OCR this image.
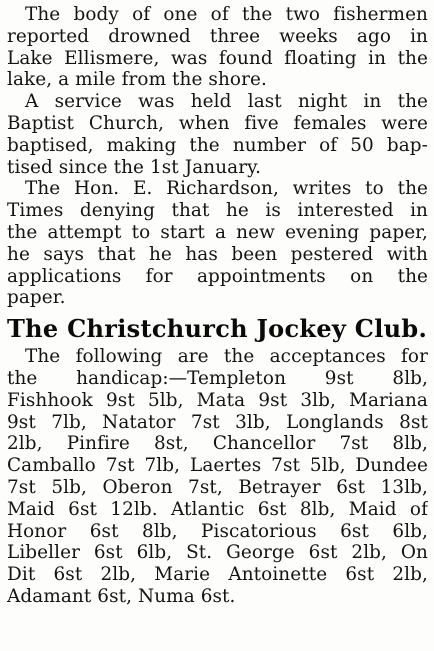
The body of one of the two fishermen
reported drowned three weeks ago in
Lake Ellismere, was found floating in the
lake, a mile from the shore.
A service was held last night in the
Baptist Church, when five females were
baptised, making the number of 50 bap-
tised since the 1st January.
The Hon. E. Richardson, writes to the
Times denying that he is interested in
the attempt to start a new evening paper,
he says that he has been pestered with
applications for appointments on the
paper.
The Christchurch Jockey Club.
The following are the acceptances for
the handicap:—Templeton 9st 8lb,
Fishhook 9st 5lb, Mata 9st 3lb, Mariana
9st 7lb, Natator 7st 3lb, Longlands 8st
2lb, Pinfire 8st, Chancellor 7st 8lb,
Camballo 7st 7lb, Laertes 7st 5lb, Dundee
7st 5lb, Oberon 7st, Betrayer 6st 13lb,
Maid 6st 12lb. Atlantic 6st 8lb, Maid of
Honor 6st 8lb, Piscatorious 6st 6lb,
Libeller 6st 6lb, St. George 6st 2lb, On
Dit 6st 2lb, Marie Antoinette 6st 2lb,
Adamant 6st, Numa 6st.
